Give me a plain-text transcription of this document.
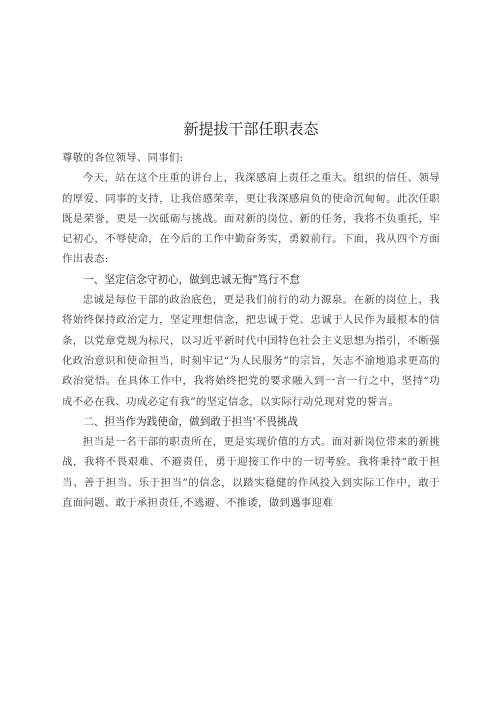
新提拔干部任职表态

尊敬的各位领导、同事们:

今天，站在这个庄重的讲台上，我深感肩上责任之重大。组织的信任、领导的厚爱、同事的支持，让我倍感荣幸，更让我深感肩负的使命沉甸甸。此次任职既是荣誉，更是一次砥砺与挑战。面对新的岗位、新的任务，我将不负重托，牢记初心，不辱使命，在今后的工作中勤奋务实，勇毅前行。下面，我从四个方面作出表态:

一、坚定信念守初心，做到忠诚无悔"笃行不怠

忠诚是每位干部的政治底色，更是我们前行的动力源泉。在新的岗位上，我将始终保持政治定力，坚定理想信念，把忠诚于党、忠诚于人民作为最根本的信条，以党章党规为标尺，以习近平新时代中国特色社会主义思想为指引，不断强化政治意识和使命担当，时刻牢记“为人民服务”的宗旨，矢志不渝地追求更高的政治觉悟。在具体工作中，我将始终把党的要求融入到一言一行之中，坚持“功成不必在我、功成必定有我”的坚定信念，以实际行动兑现对党的誓言。

二、担当作为践使命，做到敢于担当'不畏挑战

担当是一名干部的职责所在，更是实现价值的方式。面对新岗位带来的新挑战，我将不畏艰难、不避责任，勇于迎接工作中的一切考验。我将秉持“敢于担当、善于担当、乐于担当”的信念，以踏实稳健的作风投入到实际工作中，敢于直面问题、敢于承担责任,不逃避、不推诿，做到遇事迎难
